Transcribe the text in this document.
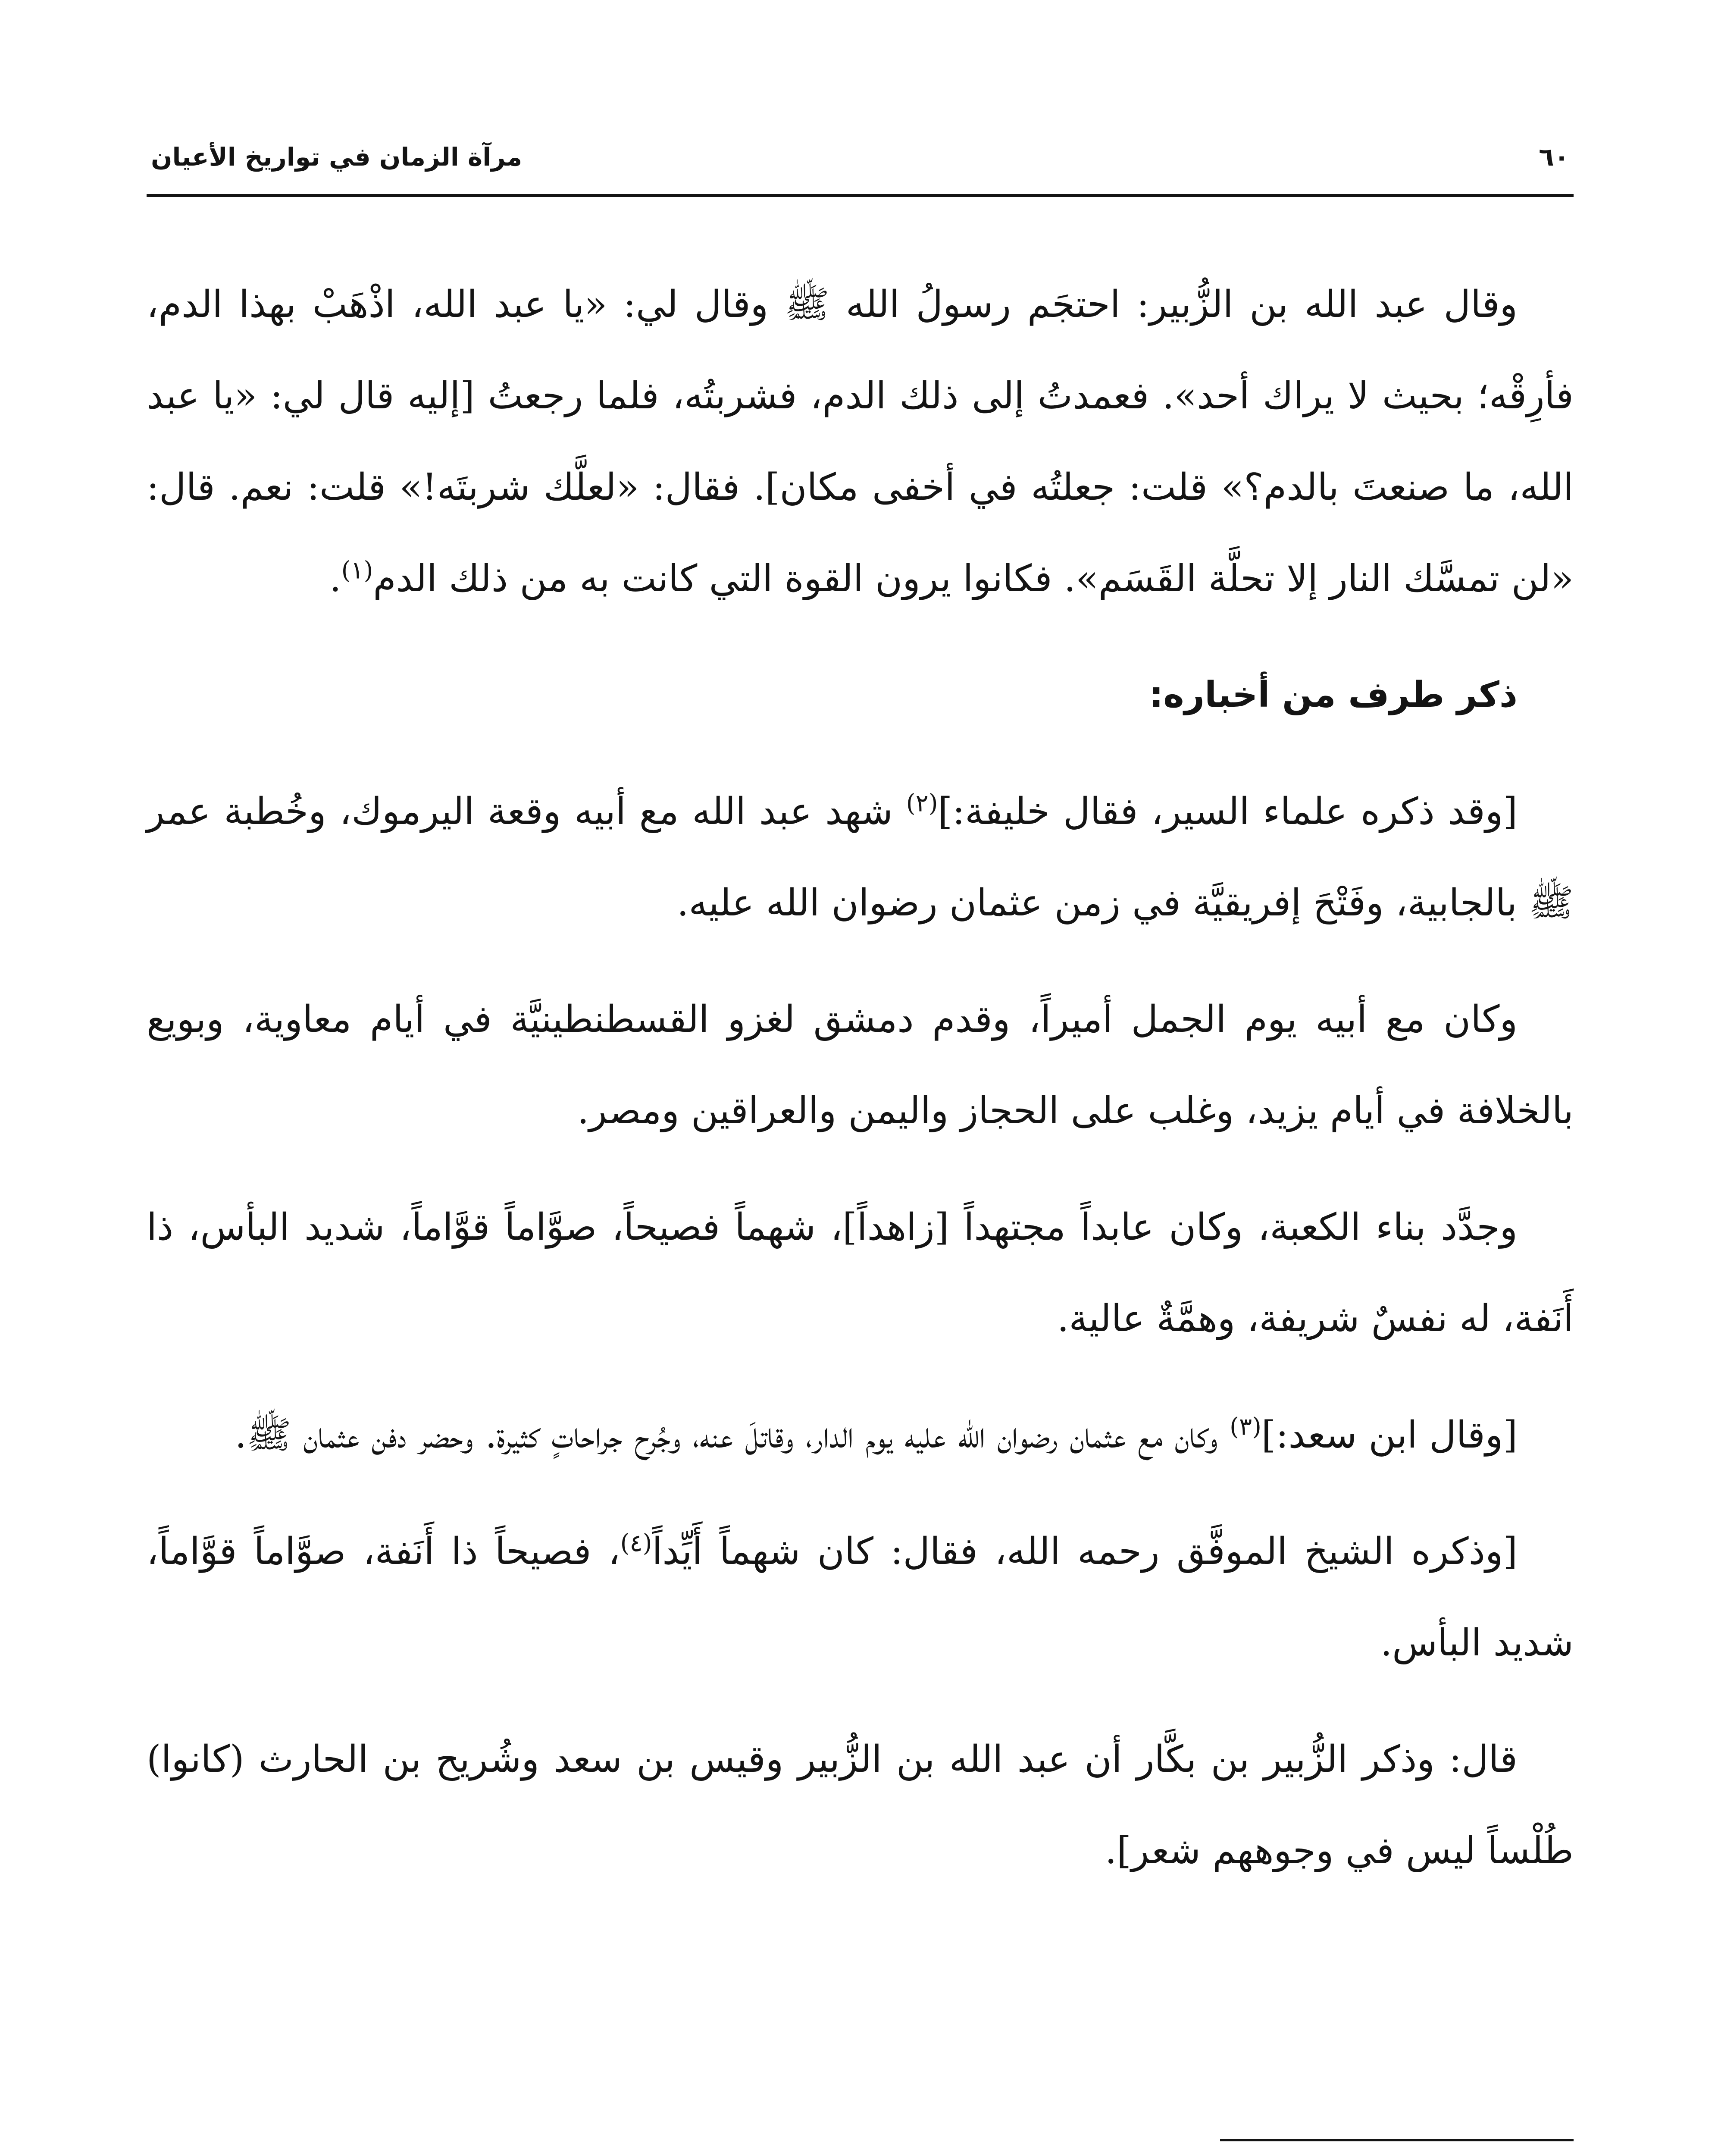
٦٠
مرآة الزمان في تواريخ الأعيان

وقال عبد الله بن الزُّبير: احتجَم رسولُ الله ﷺ وقال لي: «يا عبد الله، اذْهَبْ بهذا الدم، فأرِقْه؛ بحيث لا يراك أحد». فعمدتُ إلى ذلك الدم، فشربتُه، فلما رجعتُ [إليه قال لي: «يا عبد الله، ما صنعتَ بالدم؟» قلت: جعلتُه في أخفى مكان]. فقال: «لعلَّك شربتَه!» قلت: نعم. قال: «لن تمسَّك النار إلا تحلَّة القَسَم». فكانوا يرون القوة التي كانت به من ذلك الدم$^{(١)}$.

ذكر طرف من أخباره:

[وقد ذكره علماء السير، فقال خليفة:]$^{(٢)}$ شهد عبد الله مع أبيه وقعة اليرموك، وخُطبة عمر ﷺ بالجابية، وفَتْحَ إفريقيَّة في زمن عثمان رضوان الله عليه.

وكان مع أبيه يوم الجمل أميراً، وقدم دمشق لغزو القسطنطينيَّة في أيام معاوية، وبويع بالخلافة في أيام يزيد، وغلب على الحجاز واليمن والعراقين ومصر.

وجدَّد بناء الكعبة، وكان عابداً مجتهداً [زاهداً]، شهماً فصيحاً، صوَّاماً قوَّاماً، شديد البأس، ذا أَنَفة، له نفسٌ شريفة، وهمَّةٌ عالية.

[وقال ابن سعد:]$^{(٣)}$ وكان مع عثمان رضوان الله عليه يوم الدار، وقاتلَ عنه، وجُرح جراحاتٍ كثيرة. وحضر دفن عثمان ﷺ.

[وذكره الشيخ الموفَّق رحمه الله، فقال: كان شهماً أَيِّداً$^{(٤)}$، فصيحاً ذا أَنَفة، صوَّاماً قوَّاماً، شديد البأس.

قال: وذكر الزُّبير بن بكَّار أن عبد الله بن الزُّبير وقيس بن سعد وشُريح بن الحارث (كانوا) طُلْساً ليس في وجوههم شعر].
